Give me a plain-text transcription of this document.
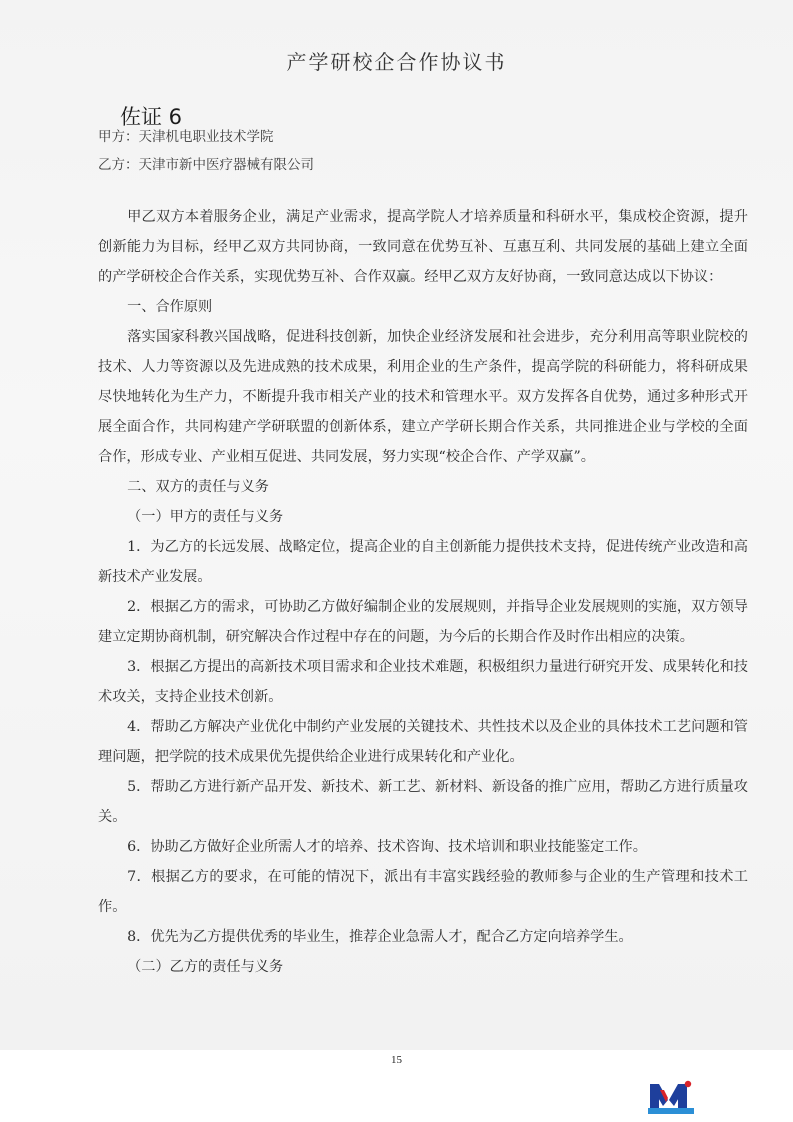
产学研校企合作协议书
佐证 6
甲方：天津机电职业技术学院
乙方：天津市新中医疗器械有限公司

甲乙双方本着服务企业，满足产业需求，提高学院人才培养质量和科研水平，集成校企资源，提升创新能力为目标，经甲乙双方共同协商，一致同意在优势互补、互惠互利、共同发展的基础上建立全面的产学研校企合作关系，实现优势互补、合作双赢。经甲乙双方友好协商，一致同意达成以下协议：

一、合作原则

落实国家科教兴国战略，促进科技创新，加快企业经济发展和社会进步，充分利用高等职业院校的技术、人力等资源以及先进成熟的技术成果，利用企业的生产条件，提高学院的科研能力，将科研成果尽快地转化为生产力，不断提升我市相关产业的技术和管理水平。双方发挥各自优势，通过多种形式开展全面合作，共同构建产学研联盟的创新体系，建立产学研长期合作关系，共同推进企业与学校的全面合作，形成专业、产业相互促进、共同发展，努力实现“校企合作、产学双赢”。

二、双方的责任与义务

（一）甲方的责任与义务

1．为乙方的长远发展、战略定位，提高企业的自主创新能力提供技术支持，促进传统产业改造和高新技术产业发展。

2．根据乙方的需求，可协助乙方做好编制企业的发展规则，并指导企业发展规则的实施，双方领导建立定期协商机制，研究解决合作过程中存在的问题，为今后的长期合作及时作出相应的决策。

3．根据乙方提出的高新技术项目需求和企业技术难题，积极组织力量进行研究开发、成果转化和技术攻关，支持企业技术创新。

4．帮助乙方解决产业优化中制约产业发展的关键技术、共性技术以及企业的具体技术工艺问题和管理问题，把学院的技术成果优先提供给企业进行成果转化和产业化。

5．帮助乙方进行新产品开发、新技术、新工艺、新材料、新设备的推广应用，帮助乙方进行质量攻关。

6．协助乙方做好企业所需人才的培养、技术咨询、技术培训和职业技能鉴定工作。

7．根据乙方的要求，在可能的情况下，派出有丰富实践经验的教师参与企业的生产管理和技术工作。

8．优先为乙方提供优秀的毕业生，推荐企业急需人才，配合乙方定向培养学生。

（二）乙方的责任与义务

15
